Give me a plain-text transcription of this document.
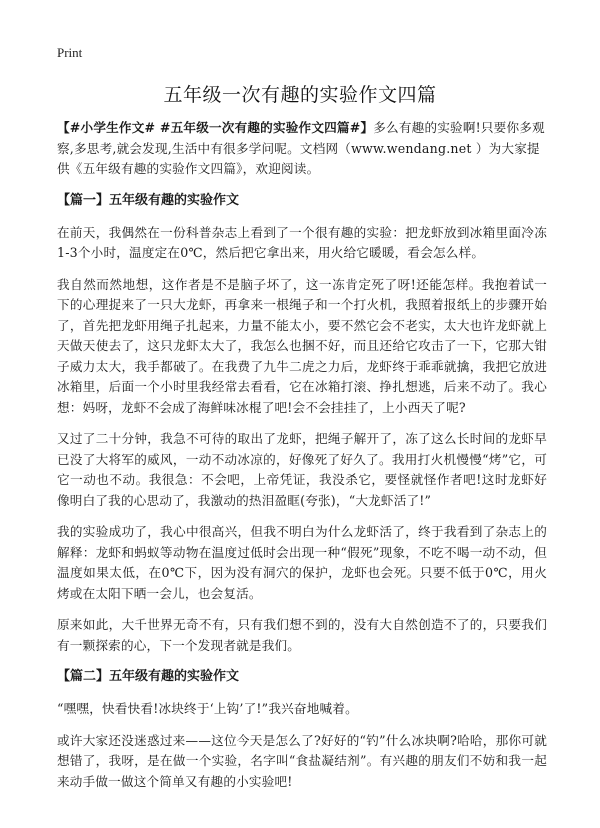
Print
五年级一次有趣的实验作文四篇

【#小学生作文# #五年级一次有趣的实验作文四篇#】多么有趣的实验啊!只要你多观察,多思考,就会发现,生活中有很多学问呢。文档网（www.wendang.net ）为大家提供《五年级有趣的实验作文四篇》，欢迎阅读。

【篇一】五年级有趣的实验作文

在前天，我偶然在一份科普杂志上看到了一个很有趣的实验：把龙虾放到冰箱里面冷冻1-3个小时，温度定在0℃，然后把它拿出来，用火给它暖暖，看会怎么样。

我自然而然地想，这作者是不是脑子坏了，这一冻肯定死了呀!还能怎样。我抱着试一下的心理捉来了一只大龙虾，再拿来一根绳子和一个打火机，我照着报纸上的步骤开始了，首先把龙虾用绳子扎起来，力量不能太小，要不然它会不老实，太大也许龙虾就上天做天使去了，这只龙虾太大了，我怎么也捆不好，而且还给它攻击了一下，它那大钳子威力太大，我手都破了。在我费了九牛二虎之力后，龙虾终于乖乖就擒，我把它放进冰箱里，后面一个小时里我经常去看看，它在冰箱打滚、挣扎想逃，后来不动了。我心想：妈呀，龙虾不会成了海鲜味冰棍了吧!会不会挂挂了，上小西天了呢?

又过了二十分钟，我急不可待的取出了龙虾，把绳子解开了，冻了这么长时间的龙虾早已没了大将军的威风，一动不动冰凉的，好像死了好久了。我用打火机慢慢“烤”它，可它一动也不动。我很急：不会吧，上帝凭证，我没杀它，要怪就怪作者吧!这时龙虾好像明白了我的心思动了，我激动的热泪盈眶(夸张)，“大龙虾活了!”

我的实验成功了，我心中很高兴，但我不明白为什么龙虾活了，终于我看到了杂志上的解释：龙虾和蚂蚁等动物在温度过低时会出现一种“假死”现象，不吃不喝一动不动，但温度如果太低，在0℃下，因为没有洞穴的保护，龙虾也会死。只要不低于0℃，用火烤或在太阳下晒一会儿，也会复活。

原来如此，大千世界无奇不有，只有我们想不到的，没有大自然创造不了的，只要我们有一颗探索的心，下一个发现者就是我们。

【篇二】五年级有趣的实验作文

“嘿嘿，快看快看!冰块终于‘上钩’了!”我兴奋地喊着。

或许大家还没迷惑过来——这位今天是怎么了?好好的“钓”什么冰块啊?哈哈，那你可就想错了，我呀，是在做一个实验，名字叫“食盐凝结剂”。有兴趣的朋友们不妨和我一起来动手做一做这个简单又有趣的小实验吧!
